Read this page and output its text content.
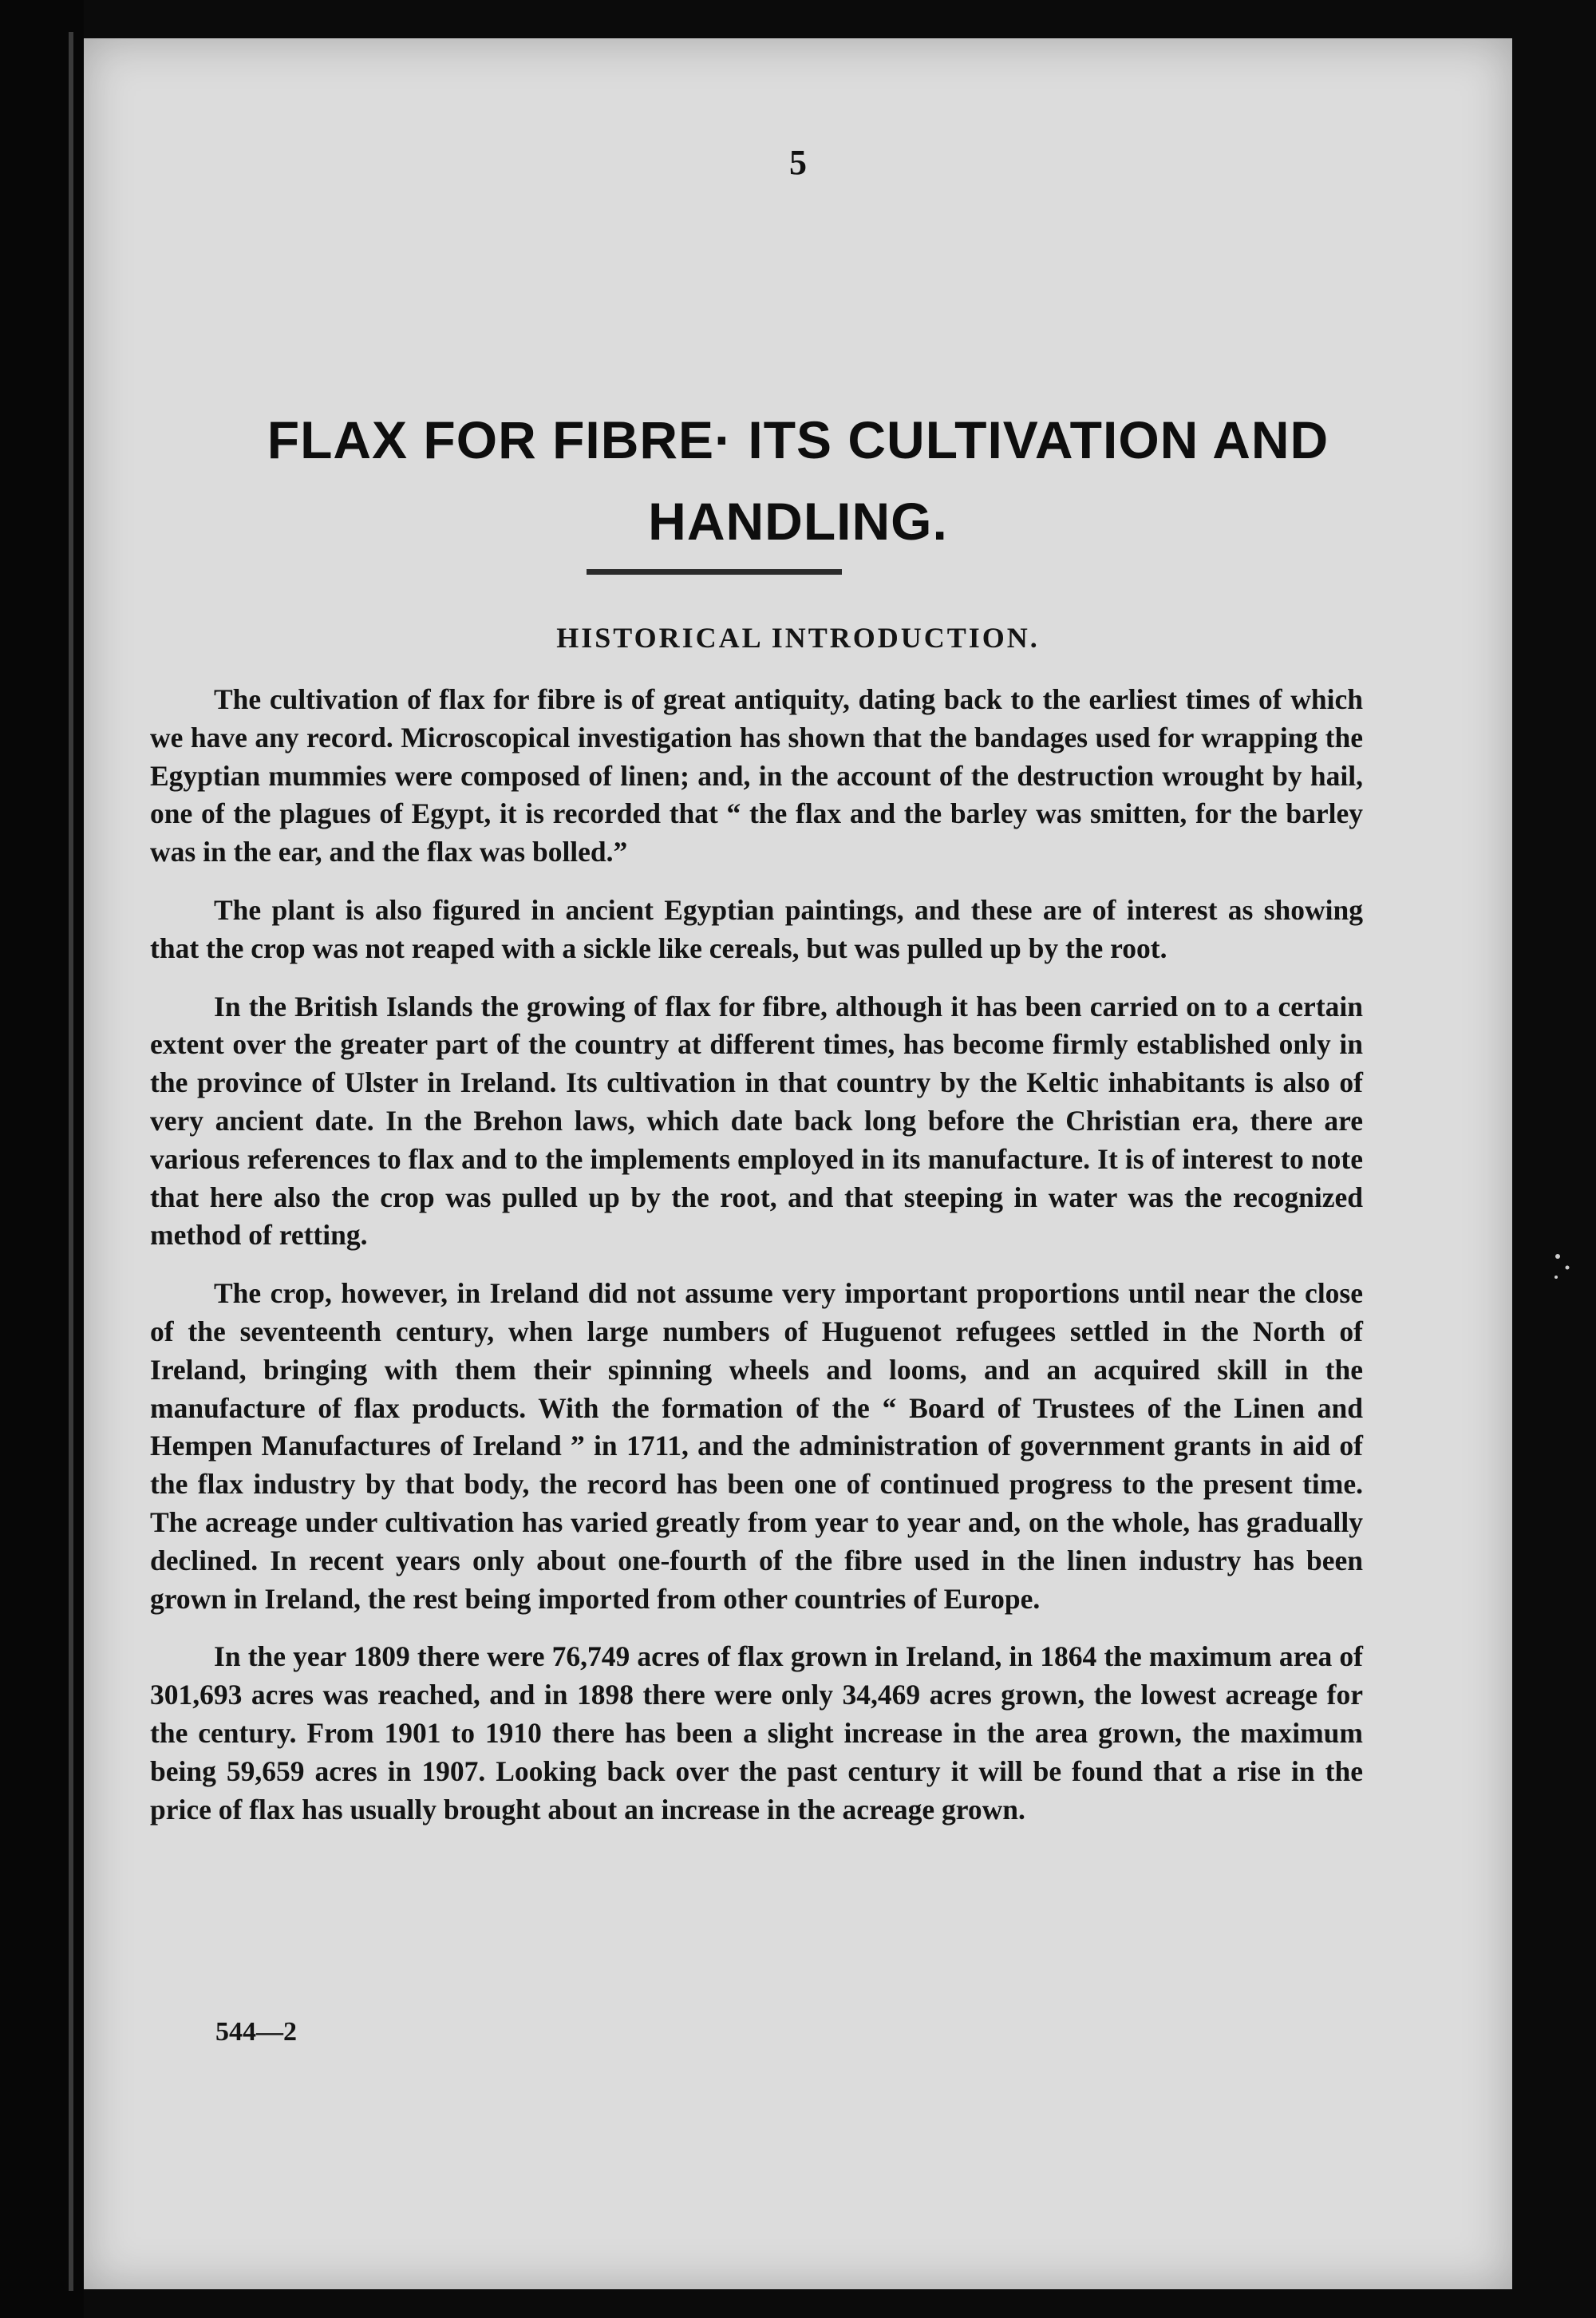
5
FLAX FOR FIBRE· ITS CULTIVATION AND HANDLING.
HISTORICAL INTRODUCTION.

The cultivation of flax for fibre is of great antiquity, dating back to the earliest times of which we have any record. Microscopical investigation has shown that the bandages used for wrapping the Egyptian mummies were composed of linen; and, in the account of the destruction wrought by hail, one of the plagues of Egypt, it is recorded that “ the flax and the barley was smitten, for the barley was in the ear, and the flax was bolled.”

The plant is also figured in ancient Egyptian paintings, and these are of interest as showing that the crop was not reaped with a sickle like cereals, but was pulled up by the root.

In the British Islands the growing of flax for fibre, although it has been carried on to a certain extent over the greater part of the country at different times, has become firmly established only in the province of Ulster in Ireland. Its cultivation in that country by the Keltic inhabitants is also of very ancient date. In the Brehon laws, which date back long before the Christian era, there are various references to flax and to the implements employed in its manufacture. It is of interest to note that here also the crop was pulled up by the root, and that steeping in water was the recognized method of retting.

The crop, however, in Ireland did not assume very important proportions until near the close of the seventeenth century, when large numbers of Huguenot refugees settled in the North of Ireland, bringing with them their spinning wheels and looms, and an acquired skill in the manufacture of flax products. With the formation of the “ Board of Trustees of the Linen and Hempen Manufactures of Ireland ” in 1711, and the administration of government grants in aid of the flax industry by that body, the record has been one of continued progress to the present time. The acreage under cultivation has varied greatly from year to year and, on the whole, has gradually declined. In recent years only about one-fourth of the fibre used in the linen industry has been grown in Ireland, the rest being imported from other countries of Europe.

In the year 1809 there were 76,749 acres of flax grown in Ireland, in 1864 the maximum area of 301,693 acres was reached, and in 1898 there were only 34,469 acres grown, the lowest acreage for the century. From 1901 to 1910 there has been a slight increase in the area grown, the maximum being 59,659 acres in 1907. Looking back over the past century it will be found that a rise in the price of flax has usually brought about an increase in the acreage grown.

544—2
